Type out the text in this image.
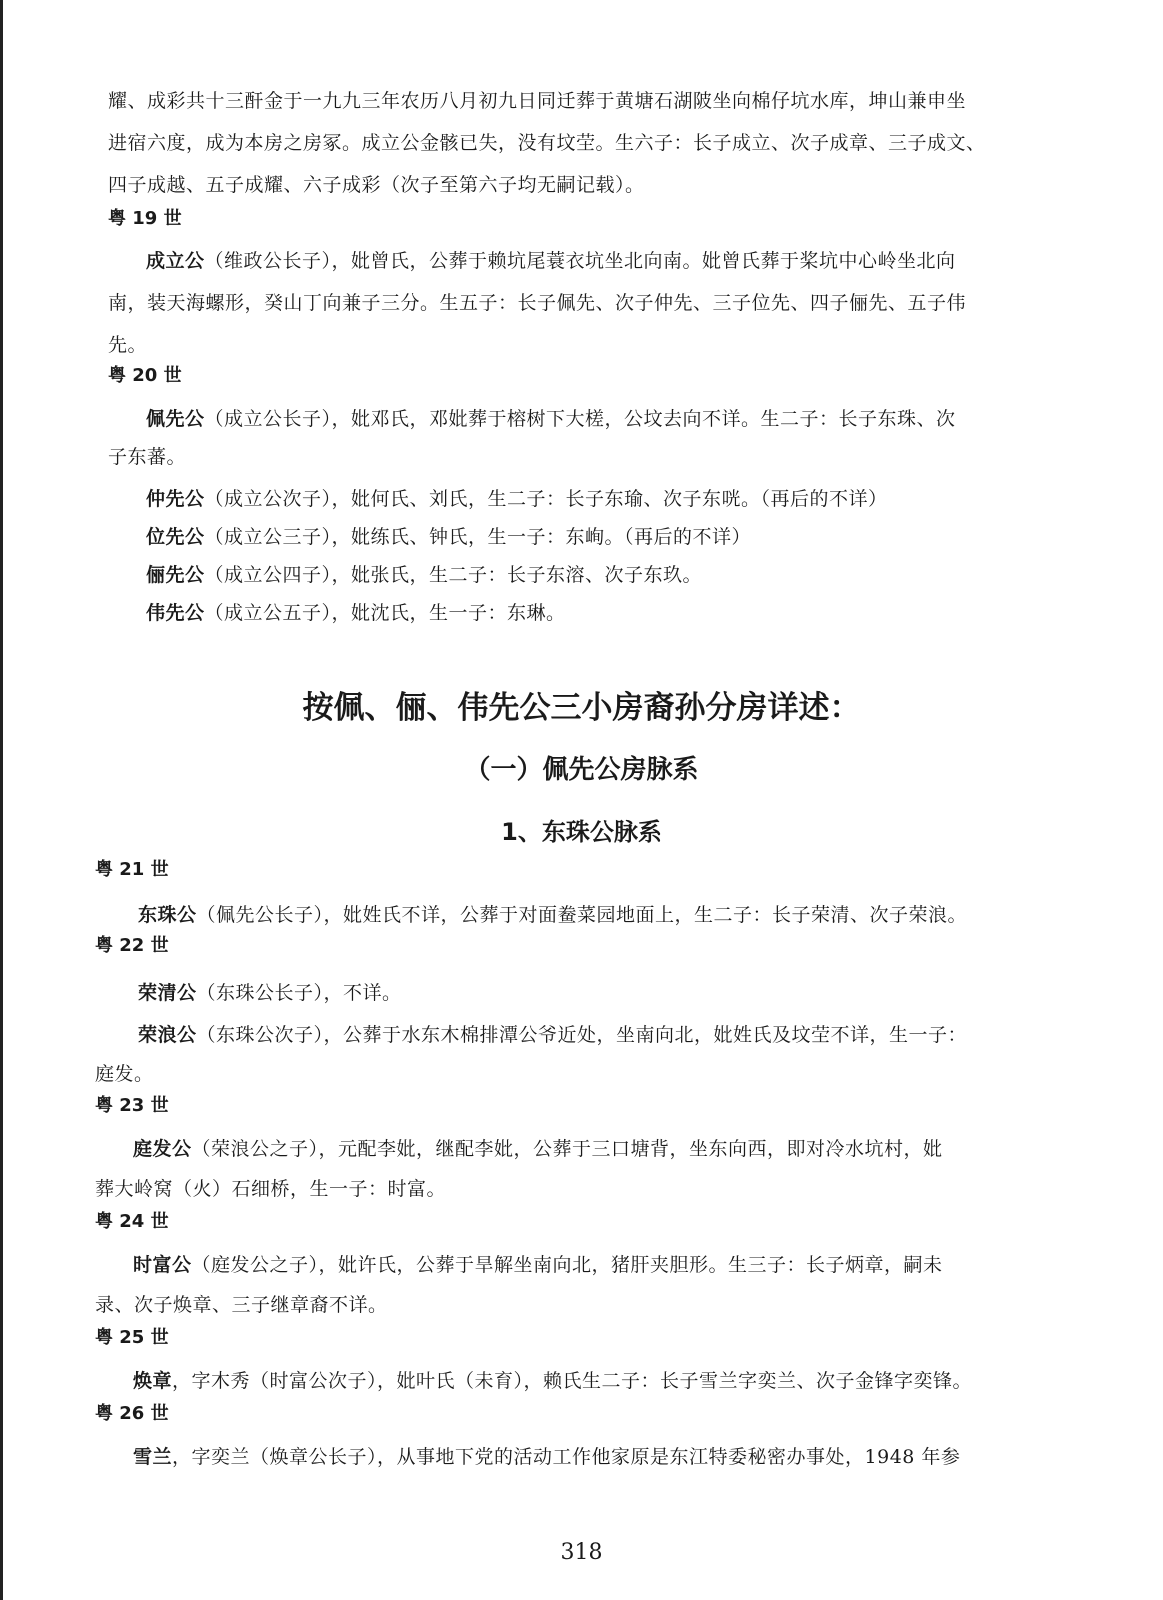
耀、成彩共十三酐金于一九九三年农历八月初九日同迁葬于黄塘石湖陂坐向棉仔坑水库，坤山兼申坐
进宿六度，成为本房之房冢。成立公金骸已失，没有坟茔。生六子：长子成立、次子成章、三子成文、
四子成越、五子成耀、六子成彩（次子至第六子均无嗣记载）。
粤 19 世
成立公（维政公长子），妣曾氏，公葬于赖坑尾蓑衣坑坐北向南。妣曾氏葬于桨坑中心岭坐北向
南，装天海螺形，癸山丁向兼子三分。生五子：长子佩先、次子仲先、三子位先、四子俪先、五子伟
先。
粤 20 世
佩先公（成立公长子），妣邓氏，邓妣葬于榕树下大槎，公坟去向不详。生二子：长子东珠、次
子东蕃。
仲先公（成立公次子），妣何氏、刘氏，生二子：长子东瑜、次子东咣。（再后的不详）
位先公（成立公三子），妣练氏、钟氏，生一子：东峋。（再后的不详）
俪先公（成立公四子），妣张氏，生二子：长子东溶、次子东玖。
伟先公（成立公五子），妣沈氏，生一子：东琳。
按佩、俪、伟先公三小房裔孙分房详述：
（一）佩先公房脉系
1、东珠公脉系
粤 21 世
东珠公（佩先公长子），妣姓氏不详，公葬于对面鲞菜园地面上，生二子：长子荣清、次子荣浪。
粤 22 世
荣清公（东珠公长子），不详。
荣浪公（东珠公次子），公葬于水东木棉排潭公爷近处，坐南向北，妣姓氏及坟茔不详，生一子：
庭发。
粤 23 世
庭发公（荣浪公之子），元配李妣，继配李妣，公葬于三口塘背，坐东向西，即对冷水坑村，妣
葬大岭窝（火）石细桥，生一子：时富。
粤 24 世
时富公（庭发公之子），妣许氏，公葬于旱解坐南向北，猪肝夹胆形。生三子：长子炳章，嗣未
录、次子焕章、三子继章裔不详。
粤 25 世
焕章，字木秀（时富公次子），妣叶氏（未育），赖氏生二子：长子雪兰字奕兰、次子金锋字奕锋。
粤 26 世
雪兰，字奕兰（焕章公长子），从事地下党的活动工作他家原是东江特委秘密办事处，1948 年参
318
